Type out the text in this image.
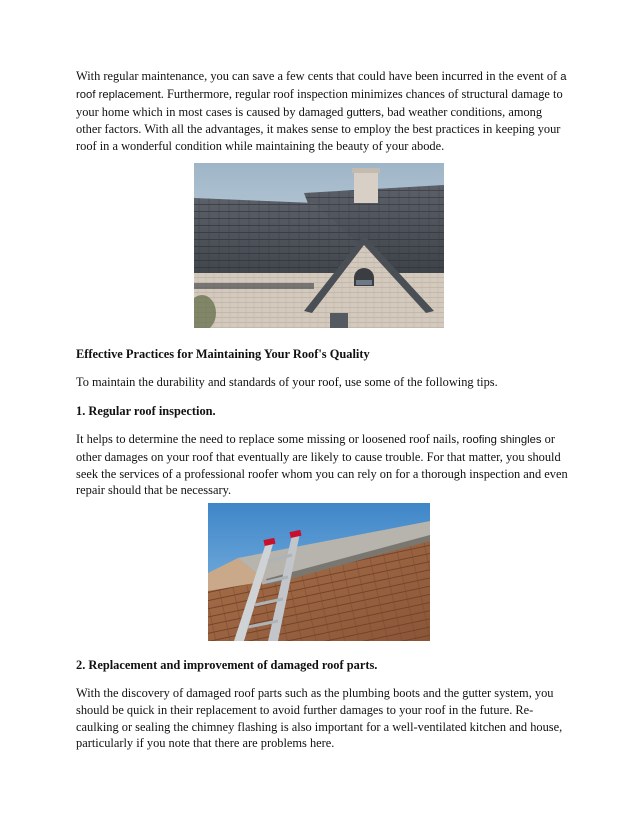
With regular maintenance, you can save a few cents that could have been incurred in the event of a roof replacement. Furthermore, regular roof inspection minimizes chances of structural damage to your home which in most cases is caused by damaged gutters, bad weather conditions, among other factors. With all the advantages, it makes sense to employ the best practices in keeping your roof in a wonderful condition while maintaining the beauty of your abode.

Effective Practices for Maintaining Your Roof's Quality

To maintain the durability and standards of your roof, use some of the following tips.

1. Regular roof inspection.

It helps to determine the need to replace some missing or loosened roof nails, roofing shingles or other damages on your roof that eventually are likely to cause trouble. For that matter, you should seek the services of a professional roofer whom you can rely on for a thorough inspection and even repair should that be necessary.

2. Replacement and improvement of damaged roof parts.

With the discovery of damaged roof parts such as the plumbing boots and the gutter system, you should be quick in their replacement to avoid further damages to your roof in the future. Re-caulking or sealing the chimney flashing is also important for a well-ventilated kitchen and house, particularly if you note that there are problems here.
